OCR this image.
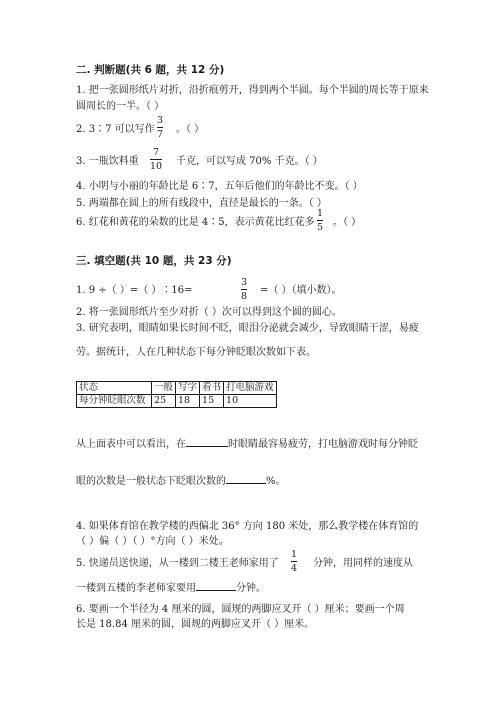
二. 判断题(共 6 题，共 12 分)
1. 把一张圆形纸片对折，沿折痕剪开，得到两个半圆。每个半圆的周长等于原来
圆周长的一半。（ ）
2. 3∶7 可以写作
3
7 。（ ）
3. 一瓶饮料重
7
10 千克，可以写成 70% 千克。（ ）
4. 小明与小丽的年龄比是 6∶7，五年后他们的年龄比不变。（ ）
5. 两端都在圆上的所有线段中，直径是最长的一条。（ ）
6. 红花和黄花的朵数的比是 4∶5，表示黄花比红花多
1
5 。（ ）
三. 填空题(共 10 题，共 23 分)
1. 9 ÷（ ）=（ ）∶16=
3
8
=（ ）（填小数）。
2. 将一张圆形纸片至少对折（ ）次可以得到这个圆的圆心。
3. 研究表明，眼睛如果长时间不眨，眼泪分泌就会减少，导致眼睛干涩，易疲
劳。据统计，人在几种状态下每分钟眨眼次数如下表。
状态	一般	写字	看书	打电脑游戏
每分钟眨眼次数	25	18	15	10
从上面表中可以看出，在	时眼睛最容易疲劳，打电脑游戏时每分钟眨
眼的次数是一般状态下眨眼次数的	%。
4. 如果体育馆在教学楼的西偏北 36° 方向 180 米处，那么教学楼在体育馆的
（ ）偏（ ）（ ）°方向（ ）米处。
5. 快递员送快递，从一楼到二楼王老师家用了
1
4 分钟，用同样的速度从
一楼到五楼的李老师家要用	分钟。
6. 要画一个半径为 4 厘米的圆，圆规的两脚应叉开（ ）厘米；要画一个周
长是 18.84 厘米的圆，圆规的两脚应叉开（ ）厘米。
